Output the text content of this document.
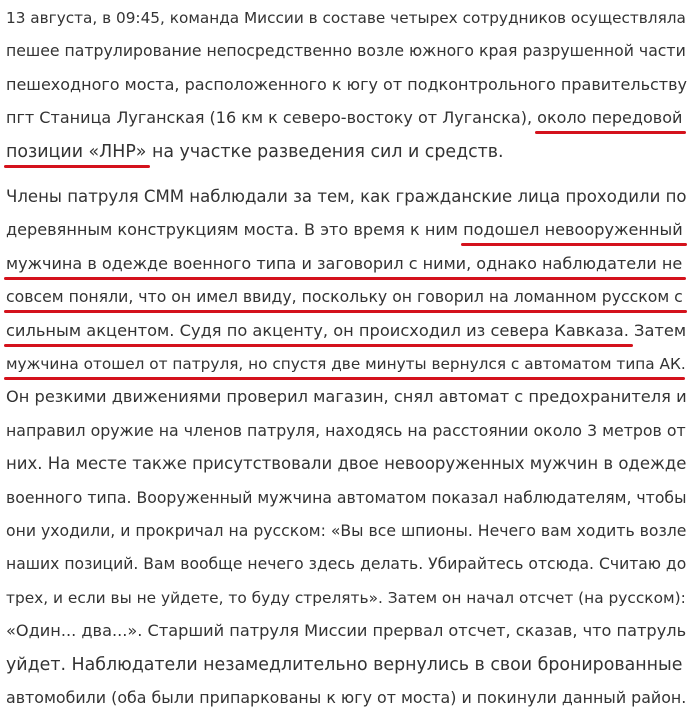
13 августа, в 09:45, команда Миссии в составе четырех сотрудников осуществляла
пешее патрулирование непосредственно возле южного края разрушенной части
пешеходного моста, расположенного к югу от подконтрольного правительству
пгт Станица Луганская (16 км к северо-востоку от Луганска), около передовой
позиции «ЛНР» на участке разведения сил и средств.
Члены патруля СММ наблюдали за тем, как гражданские лица проходили по
деревянным конструкциям моста. В это время к ним подошел невооруженный
мужчина в одежде военного типа и заговорил с ними, однако наблюдатели не
совсем поняли, что он имел ввиду, поскольку он говорил на ломанном русском с
сильным акцентом. Судя по акценту, он происходил из севера Кавказа. Затем
мужчина отошел от патруля, но спустя две минуты вернулся с автоматом типа АК.
Он резкими движениями проверил магазин, снял автомат с предохранителя и
направил оружие на членов патруля, находясь на расстоянии около 3 метров от
них. На месте также присутствовали двое невооруженных мужчин в одежде
военного типа. Вооруженный мужчина автоматом показал наблюдателям, чтобы
они уходили, и прокричал на русском: «Вы все шпионы. Нечего вам ходить возле
наших позиций. Вам вообще нечего здесь делать. Убирайтесь отсюда. Считаю до
трех, и если вы не уйдете, то буду стрелять». Затем он начал отсчет (на русском):
«Один... два...». Старший патруля Миссии прервал отсчет, сказав, что патруль
уйдет. Наблюдатели незамедлительно вернулись в свои бронированные
автомобили (оба были припаркованы к югу от моста) и покинули данный район.
